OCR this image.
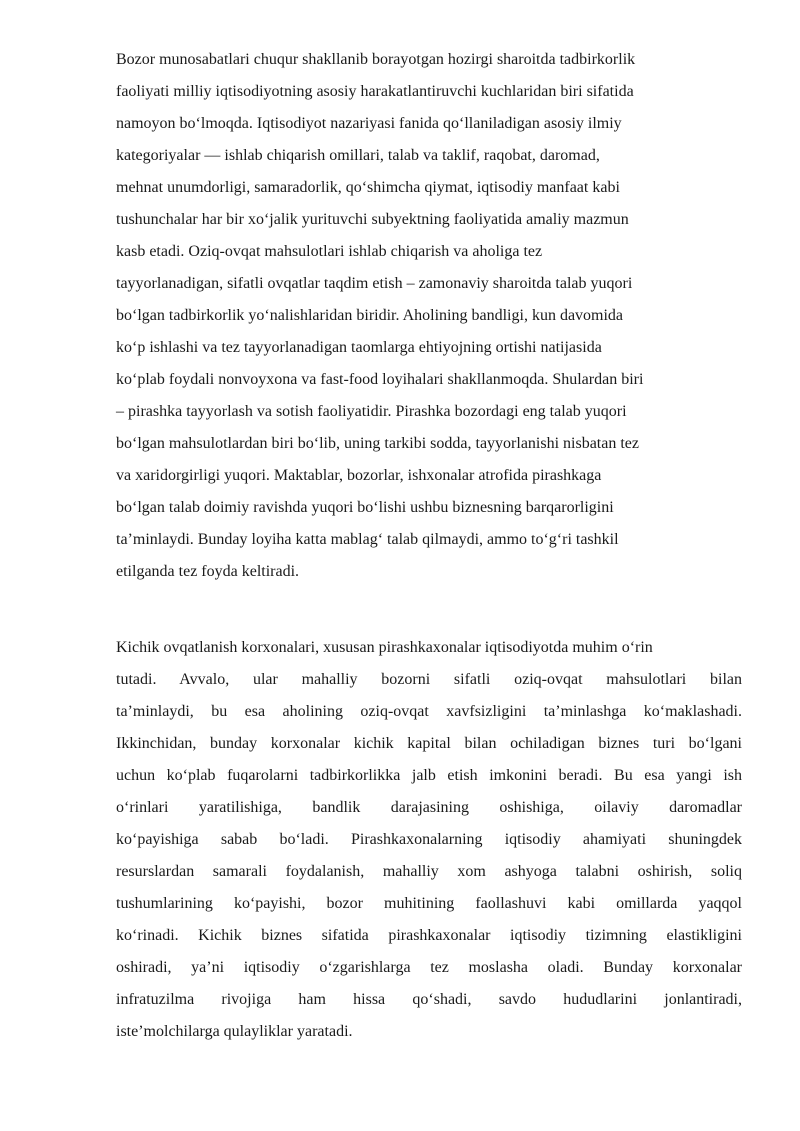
Bozor munosabatlari chuqur shakllanib borayotgan hozirgi sharoitda tadbirkorlik
faoliyati milliy iqtisodiyotning asosiy harakatlantiruvchi kuchlaridan biri sifatida
namoyon bo‘lmoqda. Iqtisodiyot nazariyasi fanida qo‘llaniladigan asosiy ilmiy
kategoriyalar — ishlab chiqarish omillari, talab va taklif, raqobat, daromad,
mehnat unumdorligi, samaradorlik, qo‘shimcha qiymat, iqtisodiy manfaat kabi
tushunchalar har bir xo‘jalik yurituvchi subyektning faoliyatida amaliy mazmun
kasb etadi. Oziq-ovqat mahsulotlari ishlab chiqarish va aholiga tez
tayyorlanadigan, sifatli ovqatlar taqdim etish – zamonaviy sharoitda talab yuqori
bo‘lgan tadbirkorlik yo‘nalishlaridan biridir. Aholining bandligi, kun davomida
ko‘p ishlashi va tez tayyorlanadigan taomlarga ehtiyojning ortishi natijasida
ko‘plab foydali nonvoyxona va fast-food loyihalari shakllanmoqda. Shulardan biri
– pirashka tayyorlash va sotish faoliyatidir. Pirashka bozordagi eng talab yuqori
bo‘lgan mahsulotlardan biri bo‘lib, uning tarkibi sodda, tayyorlanishi nisbatan tez
va xaridorgirligi yuqori. Maktablar, bozorlar, ishxonalar atrofida pirashkaga
bo‘lgan talab doimiy ravishda yuqori bo‘lishi ushbu biznesning barqarorligini
ta’minlaydi. Bunday loyiha katta mablag‘ talab qilmaydi, ammo to‘g‘ri tashkil
etilganda tez foyda keltiradi.
Kichik ovqatlanish korxonalari, xususan pirashkaxonalar iqtisodiyotda muhim o‘rin
tutadi. Avvalo, ular mahalliy bozorni sifatli oziq-ovqat mahsulotlari bilan
ta’minlaydi, bu esa aholining oziq-ovqat xavfsizligini ta’minlashga ko‘maklashadi.
Ikkinchidan, bunday korxonalar kichik kapital bilan ochiladigan biznes turi bo‘lgani
uchun ko‘plab fuqarolarni tadbirkorlikka jalb etish imkonini beradi. Bu esa yangi ish
o‘rinlari yaratilishiga, bandlik darajasining oshishiga, oilaviy daromadlar
ko‘payishiga sabab bo‘ladi. Pirashkaxonalarning iqtisodiy ahamiyati shuningdek
resurslardan samarali foydalanish, mahalliy xom ashyoga talabni oshirish, soliq
tushumlarining ko‘payishi, bozor muhitining faollashuvi kabi omillarda yaqqol
ko‘rinadi. Kichik biznes sifatida pirashkaxonalar iqtisodiy tizimning elastikligini
oshiradi, ya’ni iqtisodiy o‘zgarishlarga tez moslasha oladi. Bunday korxonalar
infratuzilma rivojiga ham hissa qo‘shadi, savdo hududlarini jonlantiradi,
iste’molchilarga qulayliklar yaratadi.
